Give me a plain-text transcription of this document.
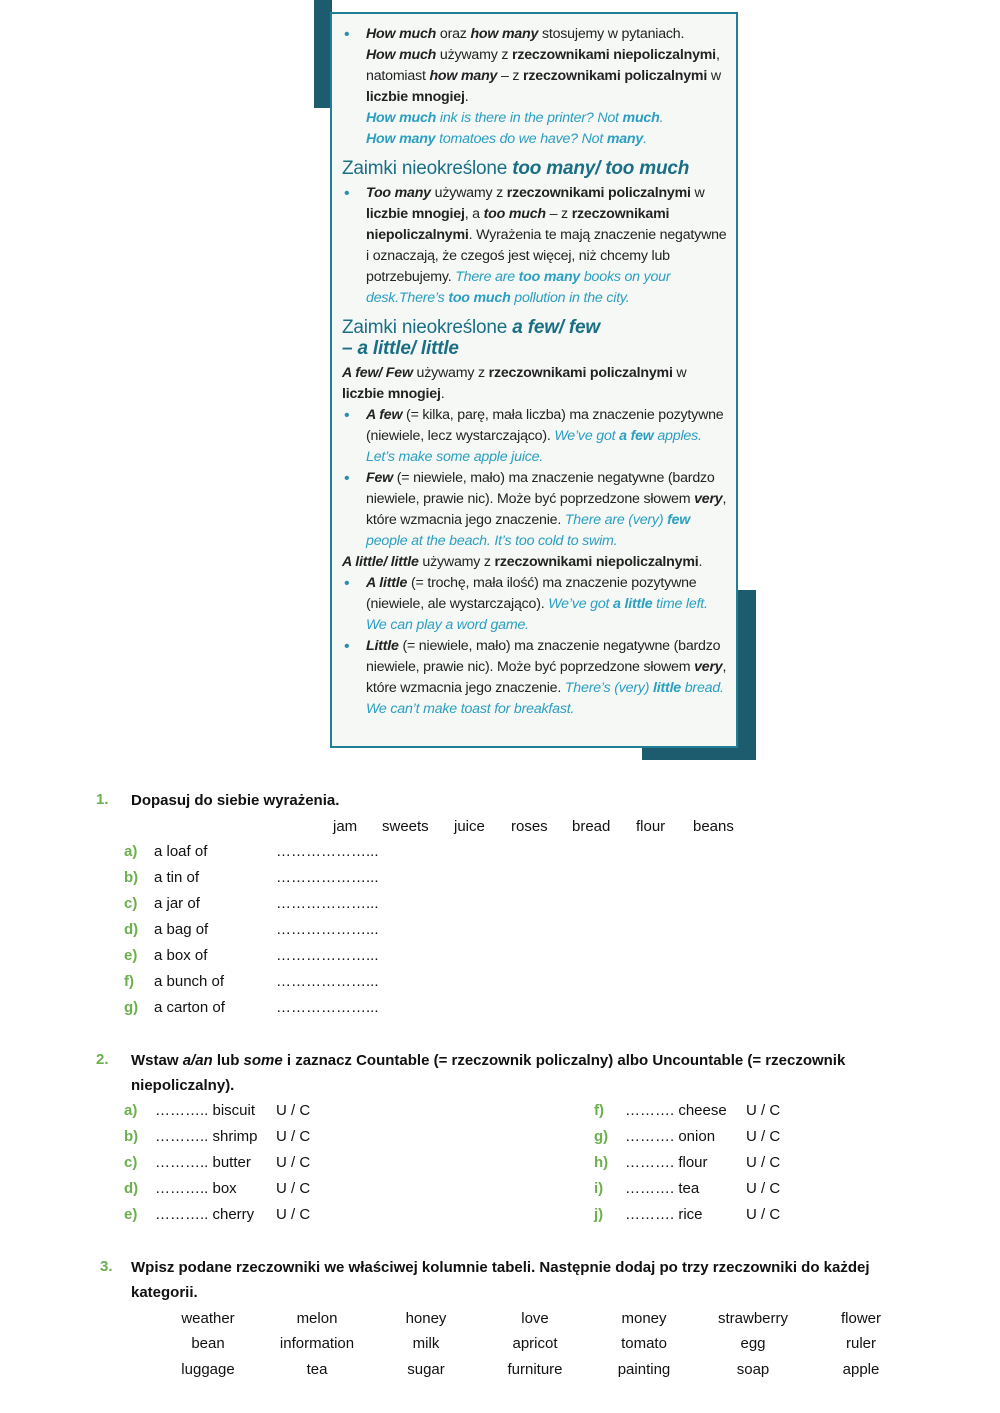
• How much oraz how many stosujemy w pytaniach.
How much używamy z rzeczownikami niepoliczalnymi, natomiast how many – z rzeczownikami policzalnymi w liczbie mnogiej.
How much ink is there in the printer? Not much.
How many tomatoes do we have? Not many.
Zaimki nieokreślone too many/ too much
• Too many używamy z rzeczownikami policzalnymi w liczbie mnogiej, a too much – z rzeczownikami niepoliczalnymi. Wyrażenia te mają znaczenie negatywne i oznaczają, że czegoś jest więcej, niż chcemy lub potrzebujemy. There are too many books on your desk.There’s too much pollution in the city.
Zaimki nieokreślone a few/ few
– a little/ little
A few/ Few używamy z rzeczownikami policzalnymi w liczbie mnogiej.
• A few (= kilka, parę, mała liczba) ma znaczenie pozytywne (niewiele, lecz wystarczająco). We’ve got a few apples. Let’s make some apple juice.
• Few (= niewiele, mało) ma znaczenie negatywne (bardzo niewiele, prawie nic). Może być poprzedzone słowem very, które wzmacnia jego znaczenie. There are (very) few people at the beach. It’s too cold to swim.
A little/ little używamy z rzeczownikami niepoliczalnymi.
• A little (= trochę, mała ilość) ma znaczenie pozytywne (niewiele, ale wystarczająco). We’ve got a little time left. We can play a word game.
• Little (= niewiele, mało) ma znaczenie negatywne (bardzo niewiele, prawie nic). Może być poprzedzone słowem very, które wzmacnia jego znaczenie. There’s (very) little bread. We can’t make toast for breakfast.
1. Dopasuj do siebie wyrażenia.
jam sweets juice roses bread flour beans
a) a loaf of	………………...
b) a tin of	………………...
c) a jar of	………………...
d) a bag of	………………...
e) a box of	………………...
f) a bunch of	………………...
g) a carton of	………………...
2. Wstaw a/an lub some i zaznacz Countable (= rzeczownik policzalny) albo Uncountable (= rzeczownik
niepoliczalny).
a) ……….. biscuit U / C
b) ……….. shrimp U / C
c) ……….. butter U / C
d) ……….. box	U / C
e) ……….. cherry U / C
f) ………. cheese U / C
g) ………. onion U / C
h) ………. flour	U / C
i) ………. tea	U / C
j) ………. rice	U / C
3. Wpisz podane rzeczowniki we właściwej kolumnie tabeli. Następnie dodaj po trzy rzeczowniki do każdej
kategorii.
weather	melon	honey	love	money	strawberry	flower
bean	information	milk	apricot	tomato	egg	ruler
luggage	tea	sugar	furniture	painting	soap	apple
